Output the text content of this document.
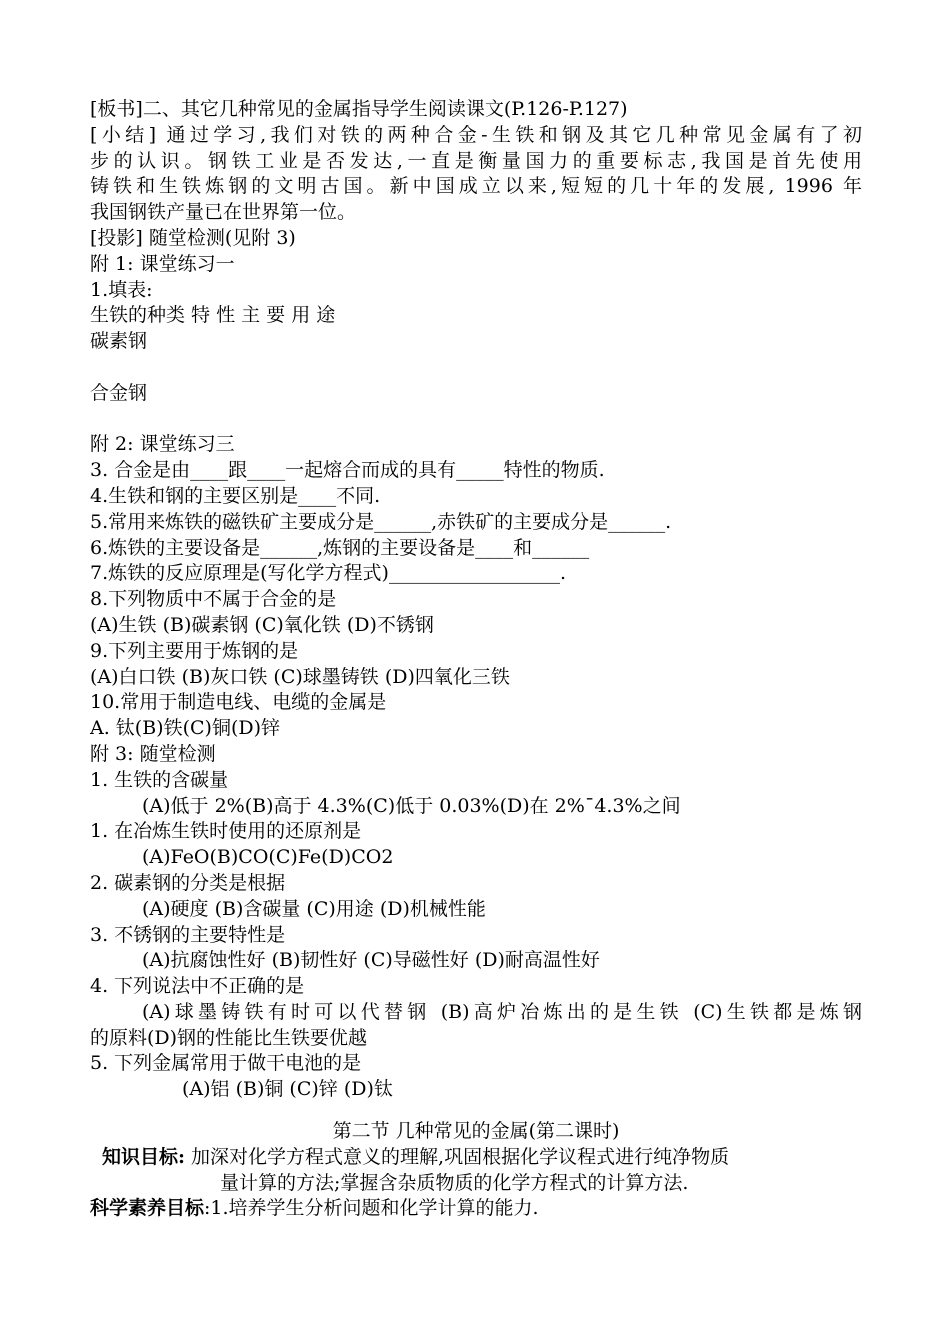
[板书]二、其它几种常见的金属指导学生阅读课文(P.126-P.127)
[小结] 通过学习,我们对铁的两种合金-生铁和钢及其它几种常见金属有了初
步的认识。钢铁工业是否发达,一直是衡量国力的重要标志,我国是首先使用
铸铁和生铁炼钢的文明古国。新中国成立以来,短短的几十年的发展, 1996 年
我国钢铁产量已在世界第一位。
[投影] 随堂检测(见附 3)
附 1: 课堂练习一
1.填表:
生铁的种类 特 性 主 要 用 途
碳素钢
合金钢
附 2: 课堂练习三
3. 合金是由____跟____一起熔合而成的具有_____特性的物质.
4.生铁和钢的主要区别是____不同.
5.常用来炼铁的磁铁矿主要成分是______,赤铁矿的主要成分是______.
6.炼铁的主要设备是______,炼钢的主要设备是____和______
7.炼铁的反应原理是(写化学方程式)__________________.
8.下列物质中不属于合金的是
(A)生铁 (B)碳素钢 (C)氧化铁 (D)不锈钢
9.下列主要用于炼钢的是
(A)白口铁 (B)灰口铁 (C)球墨铸铁 (D)四氧化三铁
10.常用于制造电线、电缆的金属是
A. 钛(B)铁(C)铜(D)锌
附 3: 随堂检测
1. 生铁的含碳量
(A)低于 2%(B)高于 4.3%(C)低于 0.03%(D)在 2%¯4.3%之间
1. 在冶炼生铁时使用的还原剂是
(A)FeO(B)CO(C)Fe(D)CO2
2. 碳素钢的分类是根据
(A)硬度 (B)含碳量 (C)用途 (D)机械性能
3. 不锈钢的主要特性是
(A)抗腐蚀性好 (B)韧性好 (C)导磁性好 (D)耐高温性好
4. 下列说法中不正确的是
(A)球墨铸铁有时可以代替钢 (B)高炉冶炼出的是生铁 (C)生铁都是炼钢
的原料(D)钢的性能比生铁要优越
5. 下列金属常用于做干电池的是
(A)铝 (B)铜 (C)锌 (D)钛
第二节 几种常见的金属(第二课时)
知识目标: 加深对化学方程式意义的理解,巩固根据化学议程式进行纯净物质
量计算的方法;掌握含杂质物质的化学方程式的计算方法.
科学素养目标:1.培养学生分析问题和化学计算的能力.
